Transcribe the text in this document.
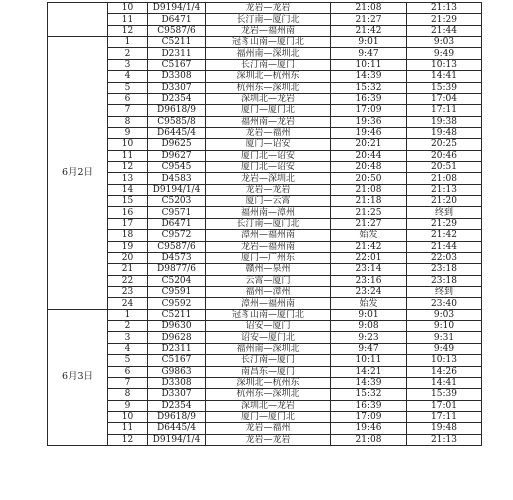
	10	D9194/1/4	龙岩—龙岩	21:08	21:13
	11	D6471	长汀南—厦门北	21:27	21:29
	12	C9587/6	龙岩—福州南	21:42	21:44
6月2日	1	C5211	冠豸山南—厦门北	9:01	9:03
	2	D2311	福州南—深圳北	9:47	9:49
	3	C5167	长汀南—厦门	10:11	10:13
	4	D3308	深圳北—杭州东	14:39	14:41
	5	D3307	杭州东—深圳北	15:32	15:39
	6	D2354	深圳北—龙岩	16:39	17:04
	7	D9618/9	厦门—厦门北	17:09	17:11
	8	C9585/8	福州南—龙岩	19:36	19:38
	9	D6445/4	龙岩—福州	19:46	19:48
	10	D9625	厦门—诏安	20:21	20:25
	11	D9627	厦门北—诏安	20:44	20:46
	12	C9545	厦门北—诏安	20:48	20:51
	13	D4583	龙岩—深圳北	20:50	21:08
	14	D9194/1/4	龙岩—龙岩	21:08	21:13
	15	C5203	厦门—云霄	21:18	21:20
	16	C9571	福州南—漳州	21:25	终到
	17	D6471	长汀南—厦门北	21:27	21:29
	18	C9572	漳州—福州南	始发	21:42
	19	C9587/6	龙岩—福州南	21:42	21:44
	20	D4573	厦门—广州东	22:01	22:03
	21	D9877/6	赣州—泉州	23:14	23:18
	22	C5204	云霄—厦门	23:16	23:18
	23	C9591	福州—漳州	23:24	终到
	24	C9592	漳州—福州南	始发	23:40
6月3日	1	C5211	冠豸山南—厦门北	9:01	9:03
	2	D9630	诏安—厦门	9:08	9:10
	3	D9628	诏安—厦门北	9:23	9:31
	4	D2311	福州南—深圳北	9:47	9:49
	5	C5167	长汀南—厦门	10:11	10:13
	6	G9863	南昌东—厦门	14:21	14:26
	7	D3308	深圳北—杭州东	14:39	14:41
	8	D3307	杭州东—深圳北	15:32	15:39
	9	D2354	深圳北—龙岩	16:39	17:01
	10	D9618/9	厦门—厦门北	17:09	17:11
	11	D6445/4	龙岩—福州	19:46	19:48
	12	D9194/1/4	龙岩—龙岩	21:08	21:13
